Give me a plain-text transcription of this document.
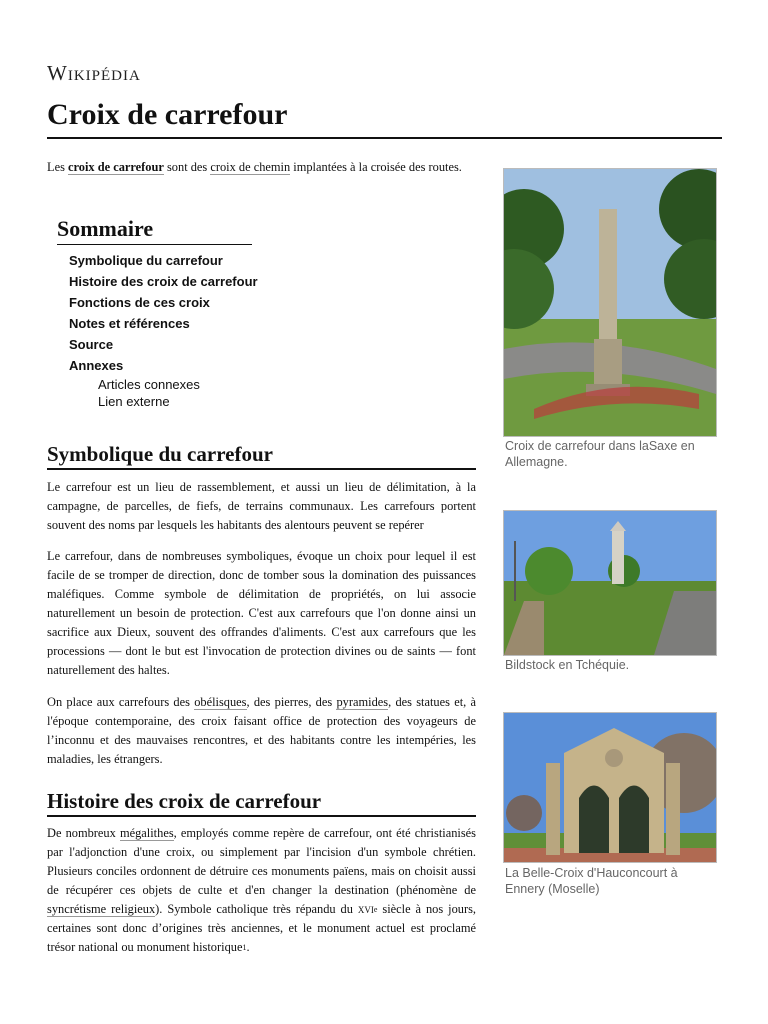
Wikipédia
Croix de carrefour
Les croix de carrefour sont des croix de chemin implantées à la croisée des routes.
Sommaire
Symbolique du carrefour
Histoire des croix de carrefour
Fonctions de ces croix
Notes et références
Source
Annexes
Articles connexes
Lien externe
Symbolique du carrefour
Le carrefour est un lieu de rassemblement, et aussi un lieu de délimitation, à la campagne, de parcelles, de fiefs, de terrains communaux. Les carrefours portent souvent des noms par lesquels les habitants des alentours peuvent se repérer
Le carrefour, dans de nombreuses symboliques, évoque un choix pour lequel il est facile de se tromper de direction, donc de tomber sous la domination des puissances maléfiques. Comme symbole de délimitation de propriétés, on lui associe naturellement un besoin de protection. C'est aux carrefours que l'on donne ainsi un sacrifice aux Dieux, souvent des offrandes d'aliments. C'est aux carrefours que les processions — dont le but est l'invocation de protection divines ou de saints — font naturellement des haltes.
On place aux carrefours des obélisques, des pierres, des pyramides, des statues et, à l'époque contemporaine, des croix faisant office de protection des voyageurs de l’inconnu et des mauvaises rencontres, et des habitants contre les intempéries, les maladies, les étrangers.
Histoire des croix de carrefour
De nombreux mégalithes, employés comme repère de carrefour, ont été christianisés par l'adjonction d'une croix, ou simplement par l'incision d'un symbole chrétien. Plusieurs conciles ordonnent de détruire ces monuments païens, mais on choisit aussi de récupérer ces objets de culte et d'en changer la destination (phénomène de syncrétisme religieux). Symbole catholique très répandu du xvi$^e$ siècle à nos jours, certaines sont donc d’origines très anciennes, et le monument actuel est proclamé trésor national ou monument historique$^1$.
Croix de carrefour dans laSaxe en Allemagne.
Bildstock en Tchéquie.
La Belle-Croix d'Hauconcourt à Ennery (Moselle)
